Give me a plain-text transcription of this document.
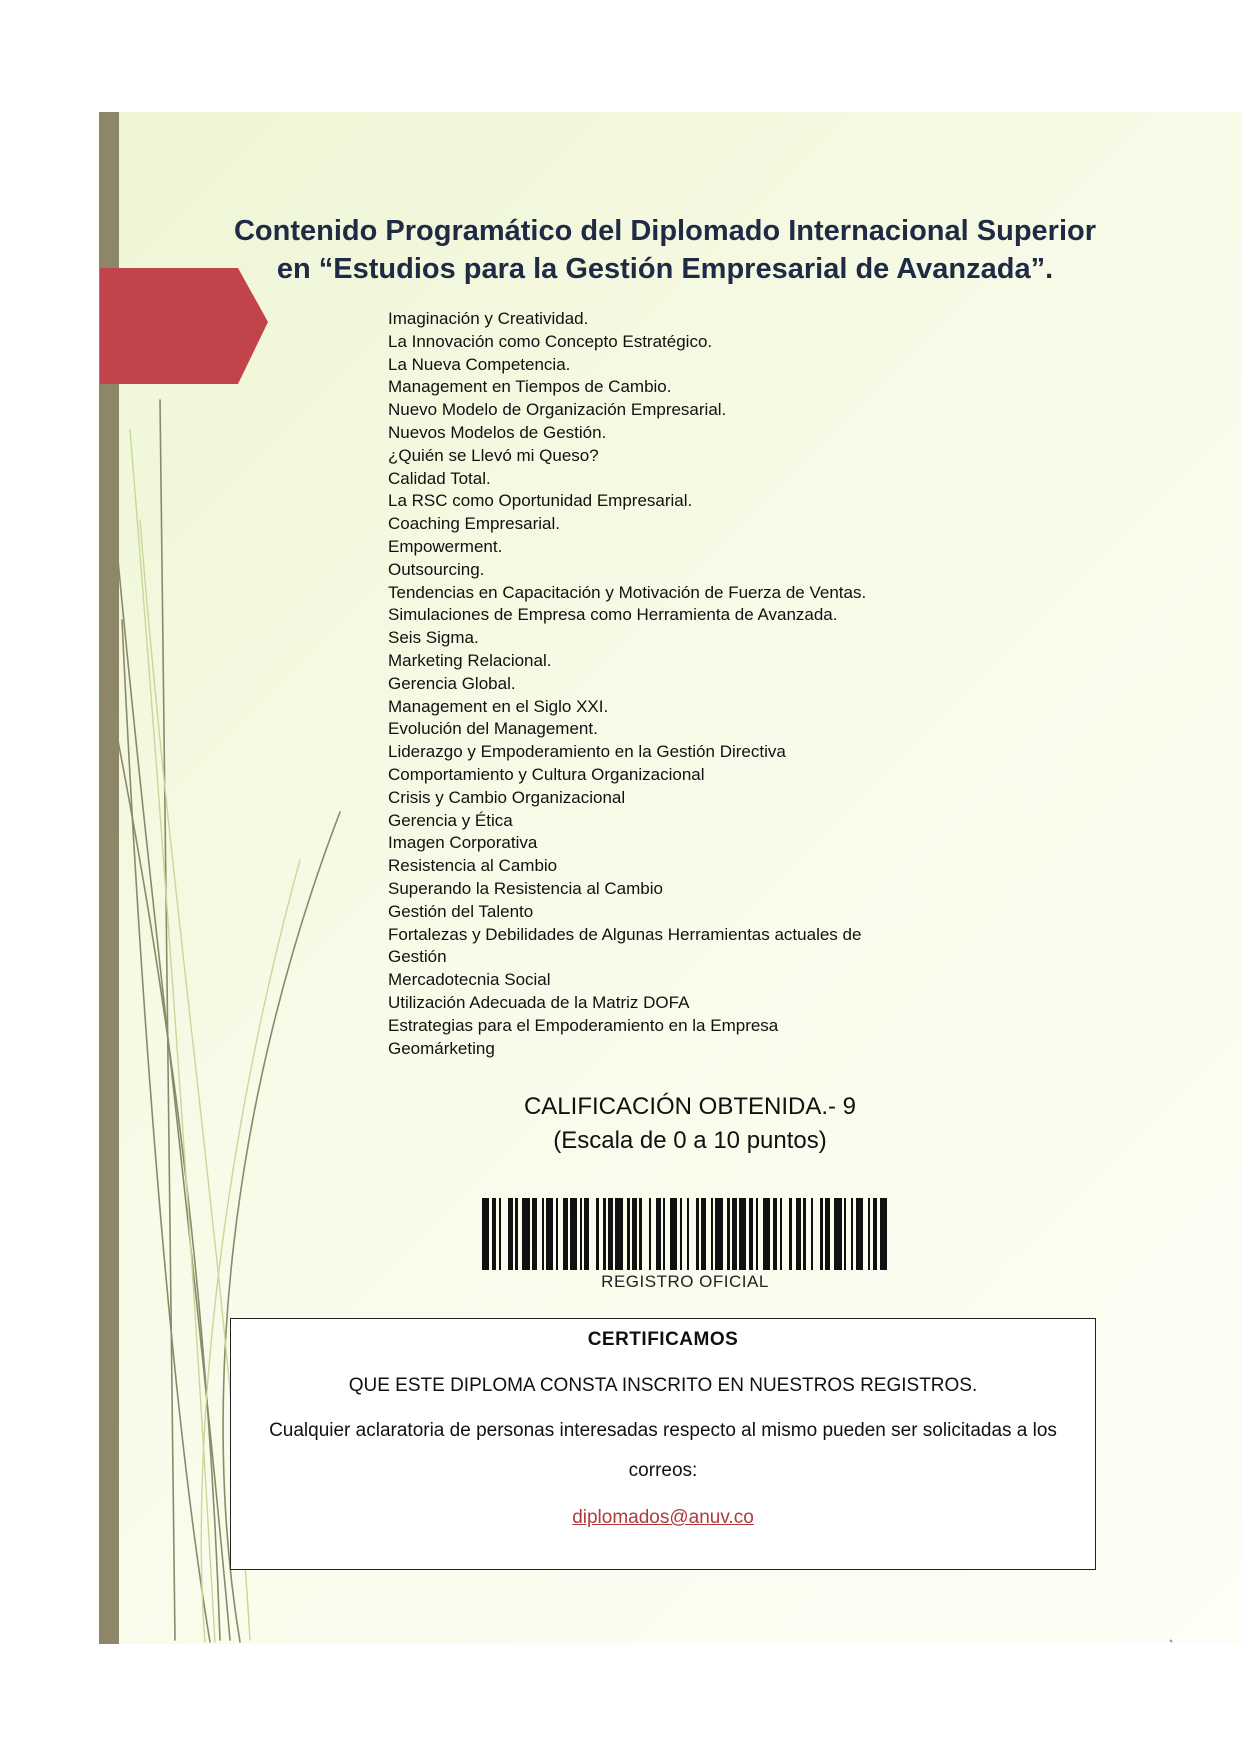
Contenido Programático del Diplomado Internacional Superior
en “Estudios para la Gestión Empresarial de Avanzada”.
Imaginación y Creatividad.
La Innovación como Concepto Estratégico.
La Nueva Competencia.
Management en Tiempos de Cambio.
Nuevo Modelo de Organización Empresarial.
Nuevos Modelos de Gestión.
¿Quién se Llevó mi Queso?
Calidad Total.
La RSC como Oportunidad Empresarial.
Coaching Empresarial.
Empowerment.
Outsourcing.
Tendencias en Capacitación y Motivación de Fuerza de Ventas.
Simulaciones de Empresa como Herramienta de Avanzada.
Seis Sigma.
Marketing Relacional.
Gerencia Global.
Management en el Siglo XXI.
Evolución del Management.
Liderazgo y Empoderamiento en la Gestión Directiva
Comportamiento y Cultura Organizacional
Crisis y Cambio Organizacional
Gerencia y Ética
Imagen Corporativa
Resistencia al Cambio
Superando la Resistencia al Cambio
Gestión del Talento
Fortalezas y Debilidades de Algunas Herramientas actuales de
Gestión
Mercadotecnia Social
Utilización Adecuada de la Matriz DOFA
Estrategias para el Empoderamiento en la Empresa
Geomárketing
CALIFICACIÓN OBTENIDA.- 9
(Escala de 0 a 10 puntos)
REGISTRO OFICIAL
CERTIFICAMOS
QUE ESTE DIPLOMA CONSTA INSCRITO EN NUESTROS REGISTROS.
Cualquier aclaratoria de personas interesadas respecto al mismo pueden ser solicitadas a los correos:
diplomados@anuv.co
